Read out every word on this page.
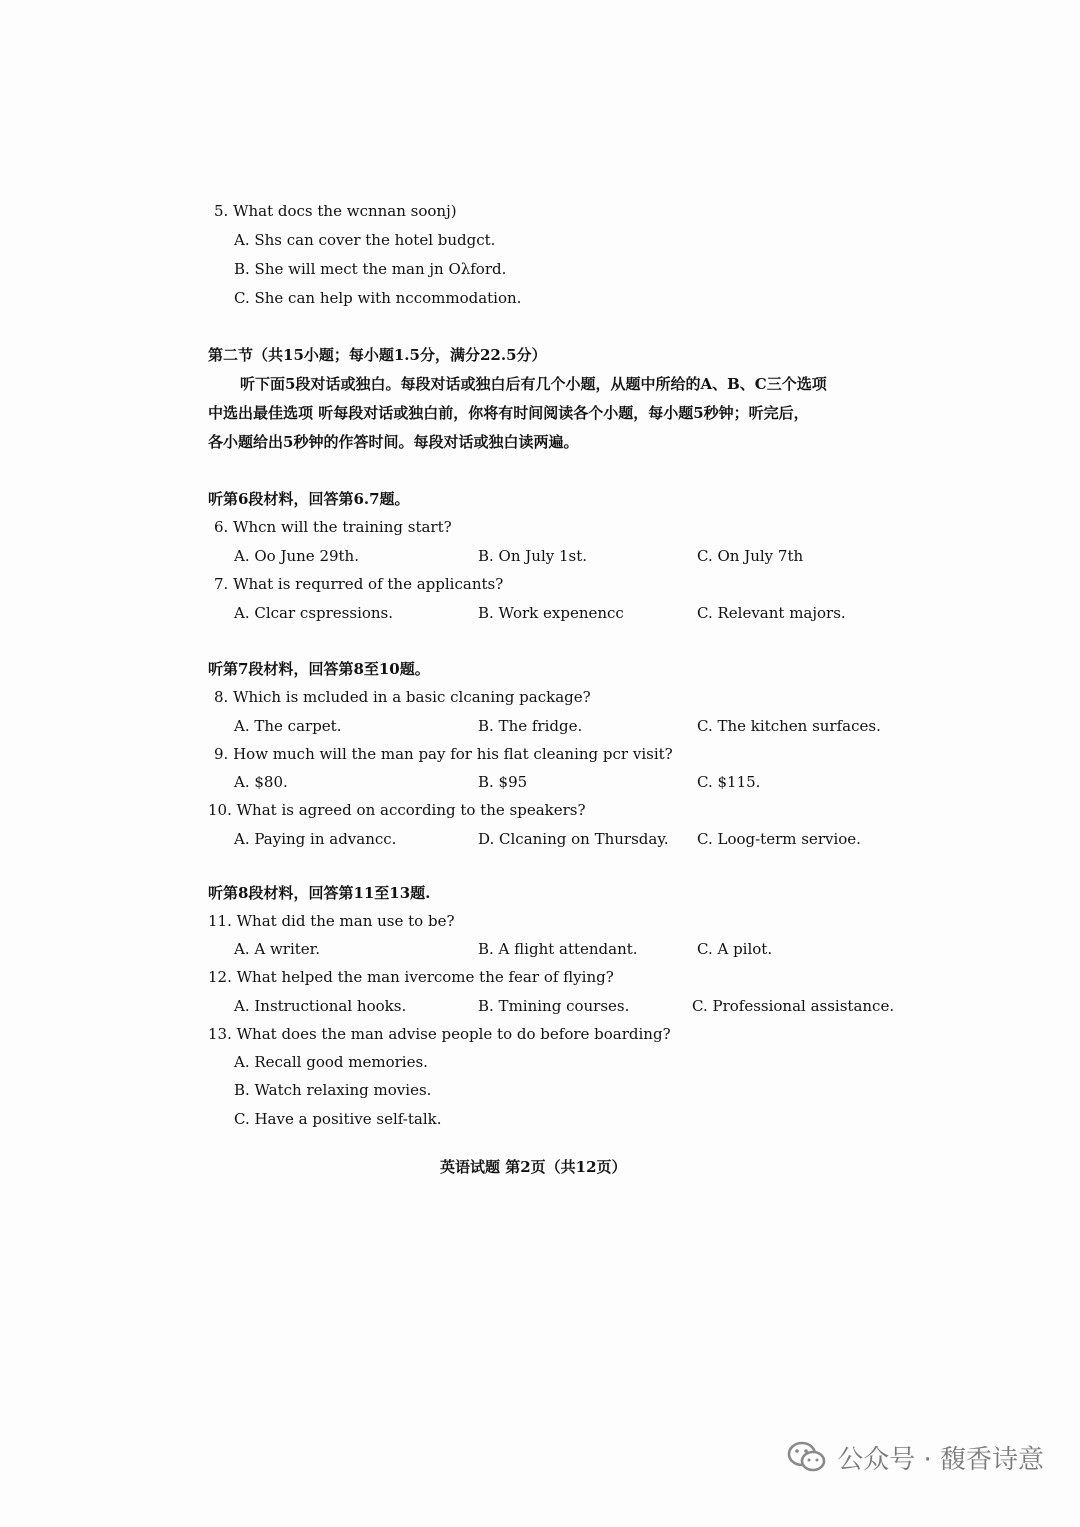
5. What docs the wcnnan soonj)
A. Shs can cover the hotel budgct.
B. She will mect the man jn Oλford.
C. She can help with nccommodation.
第二节（共15小题；每小题1.5分，满分22.5分）
听下面5段对话或独白。每段对话或独白后有几个小题，从题中所给的A、B、C三个选项
中选出最佳选项 听每段对话或独白前，你将有时间阅读各个小题，每小题5秒钟；听完后，
各小题给出5秒钟的作答时间。每段对话或独白读两遍。
听第6段材料，回答第6.7题。
6. Whcn will the training start?
A. Oo June 29th.	B. On July 1st.	C. On July 7th
7. What is requrred of the applicants?
A. Clcar cspressions.	B. Work expenencc	C. Relevant majors.
听第7段材料，回答第8至10题。
8. Which is mcluded in a basic clcaning package?
A. The carpet.	B. The fridge.	C. The kitchen surfaces.
9. How much will the man pay for his flat cleaning pcr visit?
A. $80.	B. $95	C. $115.
10. What is agreed on according to the speakers?
A. Paying in advancc.	D. Clcaning on Thursday. C. Loog-term servioe.
听第8段材料，回答第11至13题.
11. What did the man use to be?
A. A writer.	B. A flight attendant.	C. A pilot.
12. What helped the man ivercome the fear of flying?
A. Instructional hooks.	B. Tmining courses.	C. Professional assistance.
13. What does the man advise people to do before boarding?
A. Recall good memories.
B. Watch relaxing movies.
C. Have a positive self-talk.
英语试题 第2页（共12页）
公众号 · 馥香诗意
